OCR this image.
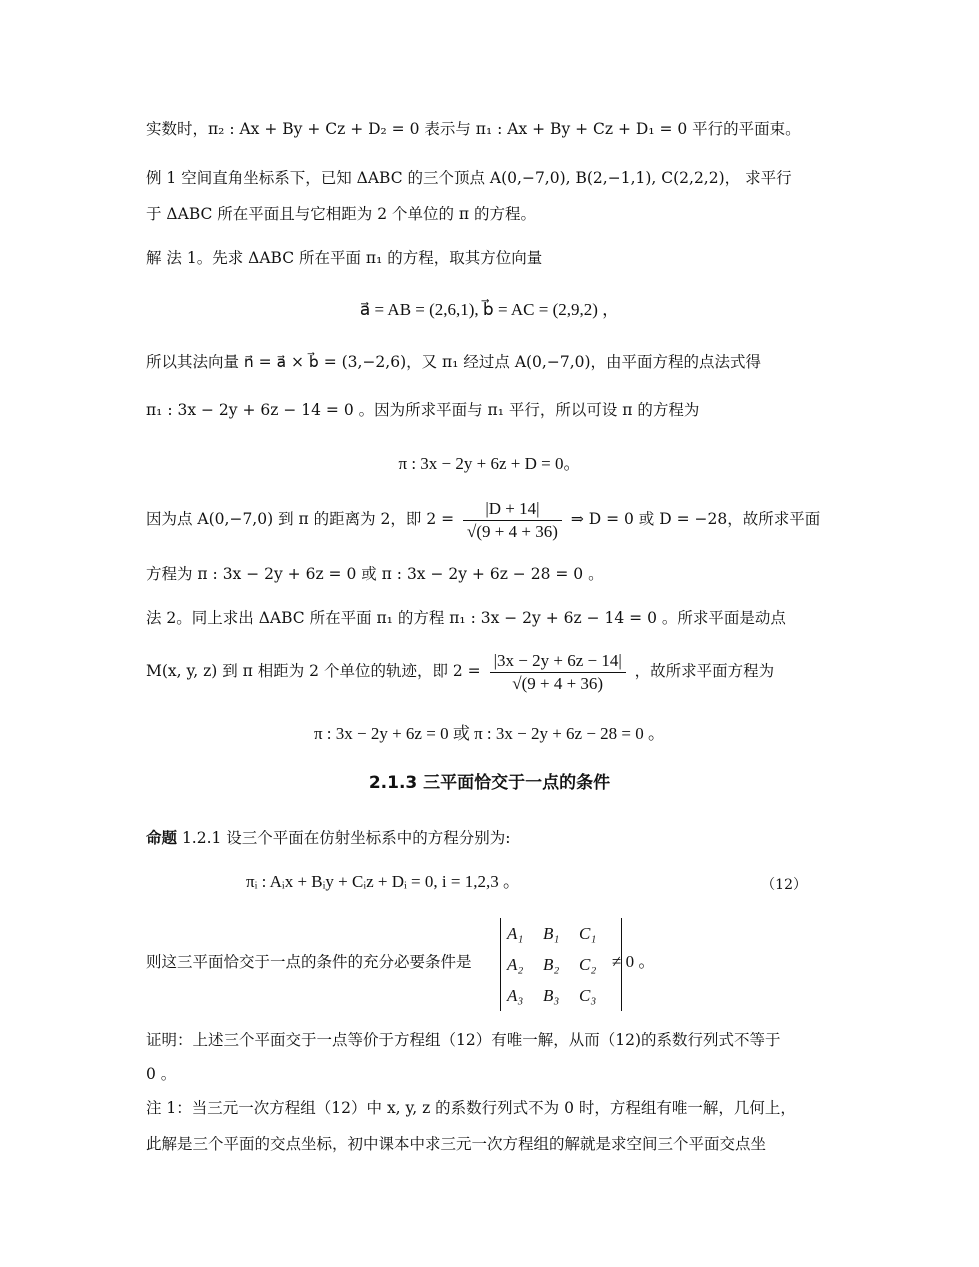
实数时，π₂ : Ax + By + Cz + D₂ = 0 表示与 π₁ : Ax + By + Cz + D₁ = 0 平行的平面束。
例 1 空间直角坐标系下，已知 ΔABC 的三个顶点 A(0,−7,0), B(2,−1,1), C(2,2,2)， 求平行
于 ΔABC 所在平面且与它相距为 2 个单位的 π 的方程。
解 法 1。先求 ΔABC 所在平面 π₁ 的方程，取其方位向量
a⃗ = AB = (2,6,1), b⃗ = AC = (2,9,2) ，
所以其法向量 n⃗ = a⃗ × b⃗ = (3,−2,6)，又 π₁ 经过点 A(0,−7,0)，由平面方程的点法式得
π₁ : 3x − 2y + 6z − 14 = 0 。因为所求平面与 π₁ 平行，所以可设 π 的方程为
π : 3x − 2y + 6z + D = 0。
因为点 A(0,−7,0) 到 π 的距离为 2，即 $2 = \frac{|D + 14|}{√(9 + 4 + 36)}$ ⇒ D = 0 或 D = −28，故所求平面
方程为 π : 3x − 2y + 6z = 0 或 π : 3x − 2y + 6z − 28 = 0 。
法 2。同上求出 ΔABC 所在平面 π₁ 的方程 π₁ : 3x − 2y + 6z − 14 = 0 。所求平面是动点
M(x, y, z) 到 π 相距为 2 个单位的轨迹，即 $2 = \frac{|3x - 2y + 6z - 14|}{√(9 + 4 + 36)}$ ，故所求平面方程为
π : 3x − 2y + 6z = 0 或 π : 3x − 2y + 6z − 28 = 0 。
2.1.3 三平面恰交于一点的条件
命题 1.2.1 设三个平面在仿射坐标系中的方程分别为:
πᵢ : Aᵢx + Bᵢy + Cᵢz + Dᵢ = 0, i = 1,2,3 。	（12）
则这三平面恰交于一点的条件的充分必要条件是
A₁	B₁	C₁
A₂	B₂	C₂
A₃	B₃	C₃
≠ 0 。
证明：上述三个平面交于一点等价于方程组（12）有唯一解，从而（12)的系数行列式不等于
0 。
注 1：当三元一次方程组（12）中 x, y, z 的系数行列式不为 0 时，方程组有唯一解，几何上，
此解是三个平面的交点坐标，初中课本中求三元一次方程组的解就是求空间三个平面交点坐
